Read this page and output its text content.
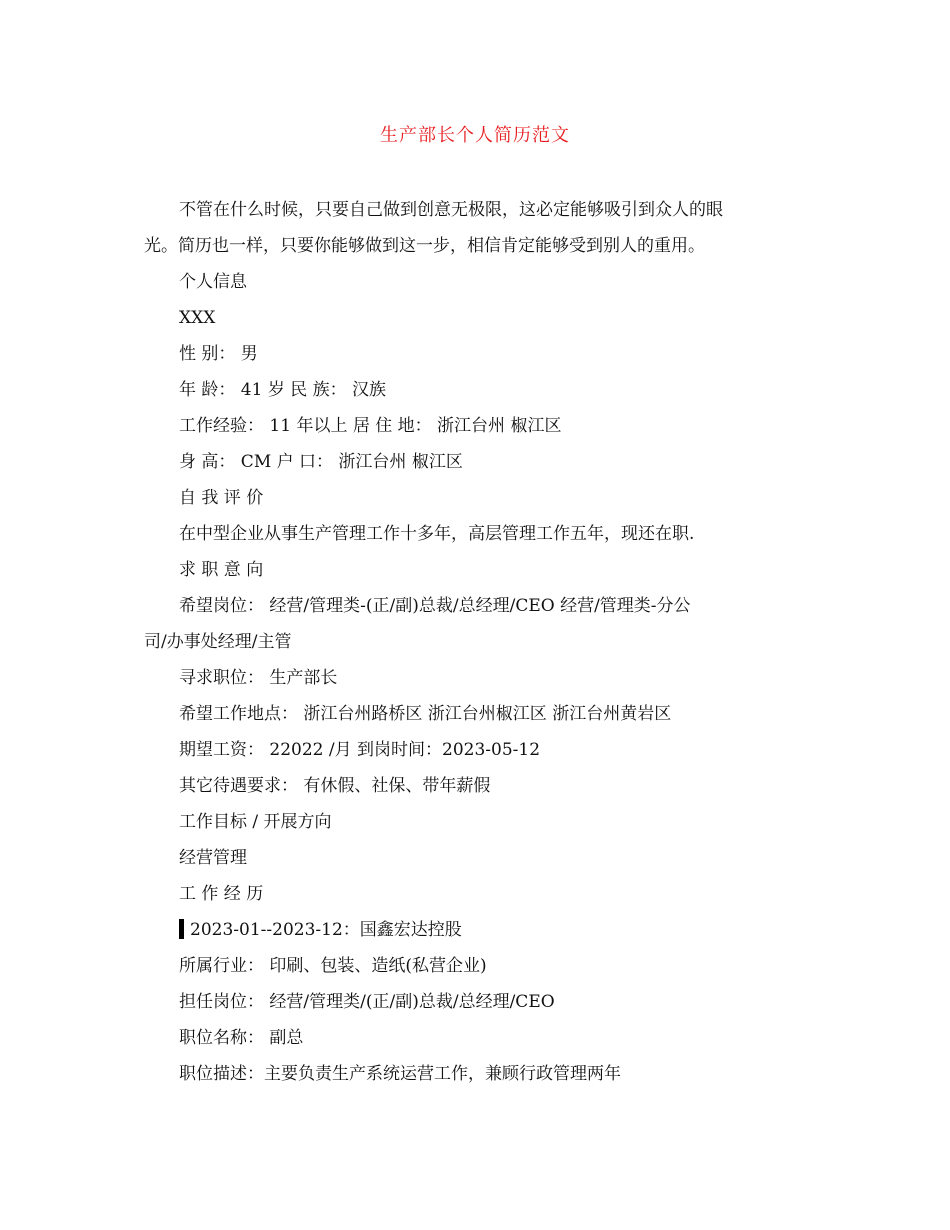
生产部长个人简历范文

不管在什么时候，只要自己做到创意无极限，这必定能够吸引到众人的眼

光。简历也一样，只要你能够做到这一步，相信肯定能够受到别人的重用。

个人信息

XXX

性 别： 男

年 龄： 41 岁 民 族： 汉族

工作经验： 11 年以上 居 住 地： 浙江台州 椒江区

身 高： CM 户 口： 浙江台州 椒江区

自 我 评 价

在中型企业从事生产管理工作十多年，高层管理工作五年，现还在职.

求 职 意 向

希望岗位： 经营/管理类-(正/副)总裁/总经理/CEO 经营/管理类-分公

司/办事处经理/主管

寻求职位： 生产部长

希望工作地点： 浙江台州路桥区 浙江台州椒江区 浙江台州黄岩区

期望工资： 22022 /月 到岗时间：2023-05-12

其它待遇要求： 有休假、社保、带年薪假

工作目标 / 开展方向

经营管理

工 作 经 历

2023-01--2023-12：国鑫宏达控股

所属行业： 印刷、包装、造纸(私营企业)

担任岗位： 经营/管理类/(正/副)总裁/总经理/CEO

职位名称： 副总

职位描述：主要负责生产系统运营工作，兼顾行政管理两年
